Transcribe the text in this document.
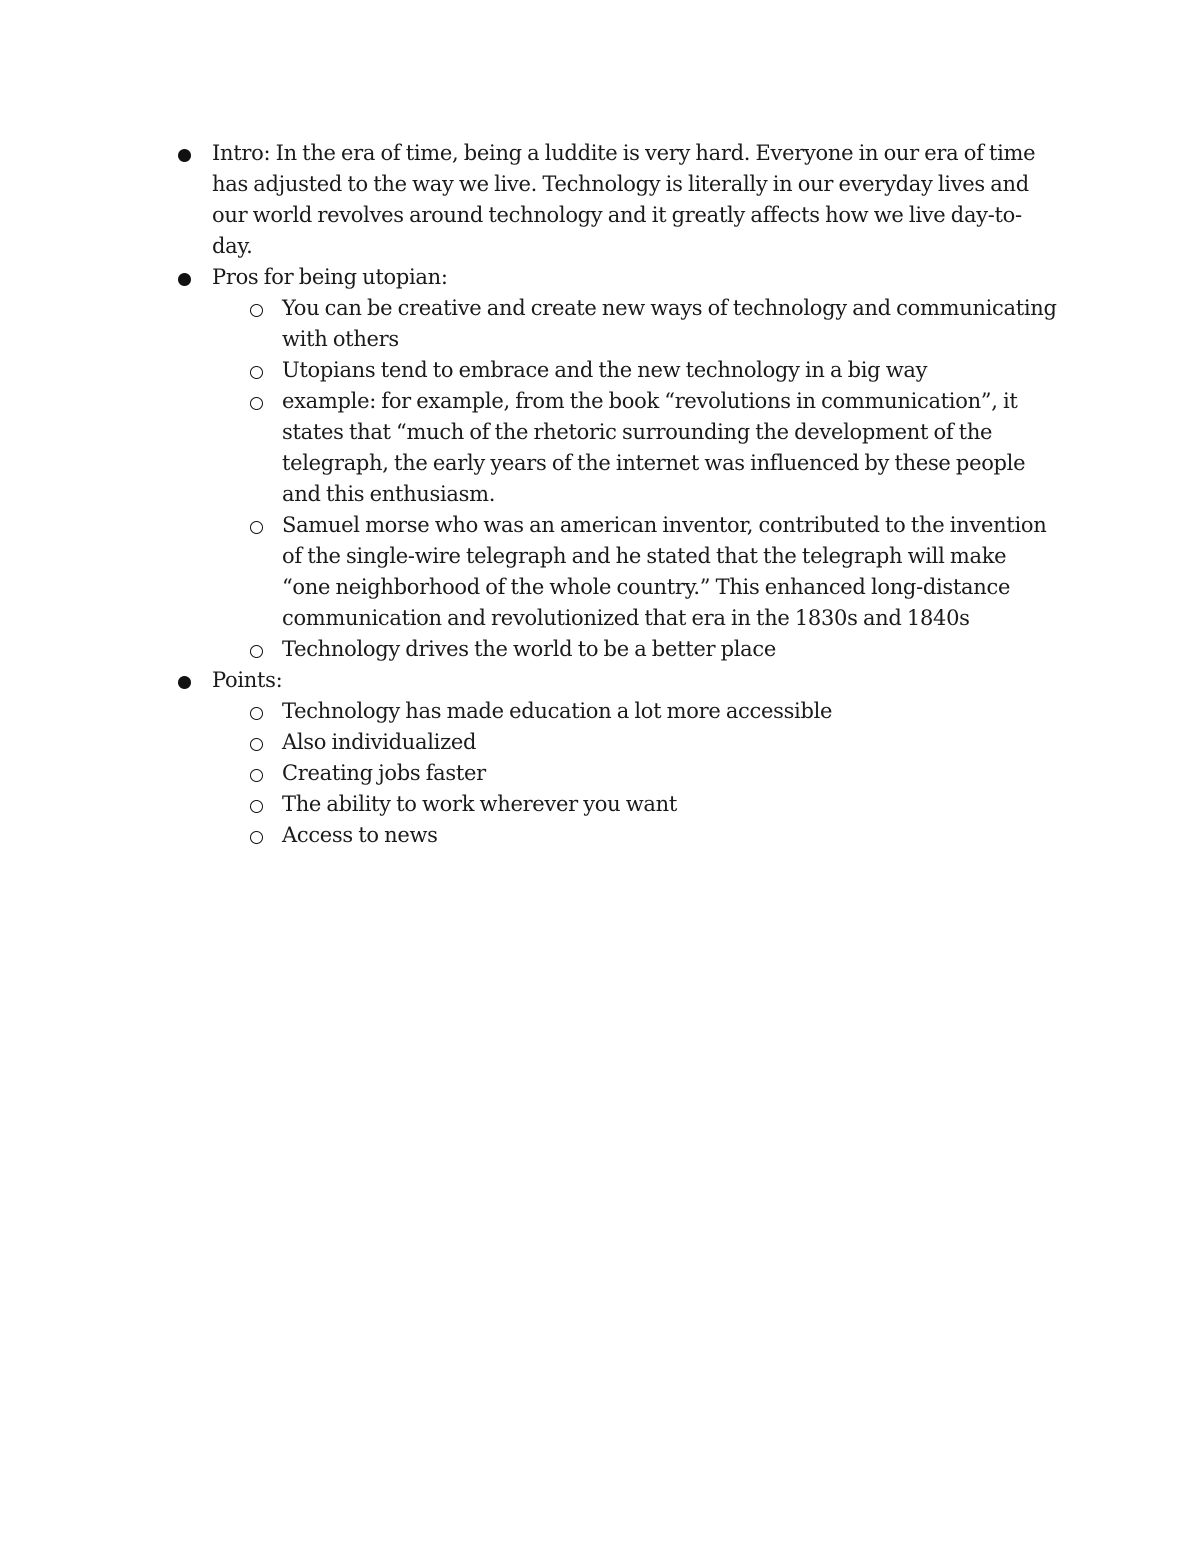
Intro: In the era of time, being a luddite is very hard. Everyone in our era of time has adjusted to the way we live. Technology is literally in our everyday lives and our world revolves around technology and it greatly affects how we live day-to-day.
Pros for being utopian:
You can be creative and create new ways of technology and communicating with others
Utopians tend to embrace and the new technology in a big way
example: for example, from the book “revolutions in communication”, it states that “much of the rhetoric surrounding the development of the telegraph, the early years of the internet was influenced by these people and this enthusiasm.
Samuel morse who was an american inventor, contributed to the invention of the single-wire telegraph and he stated that the telegraph will make “one neighborhood of the whole country.” This enhanced long-distance communication and revolutionized that era in the 1830s and 1840s
Technology drives the world to be a better place
Points:
Technology has made education a lot more accessible
Also individualized
Creating jobs faster
The ability to work wherever you want
Access to news
